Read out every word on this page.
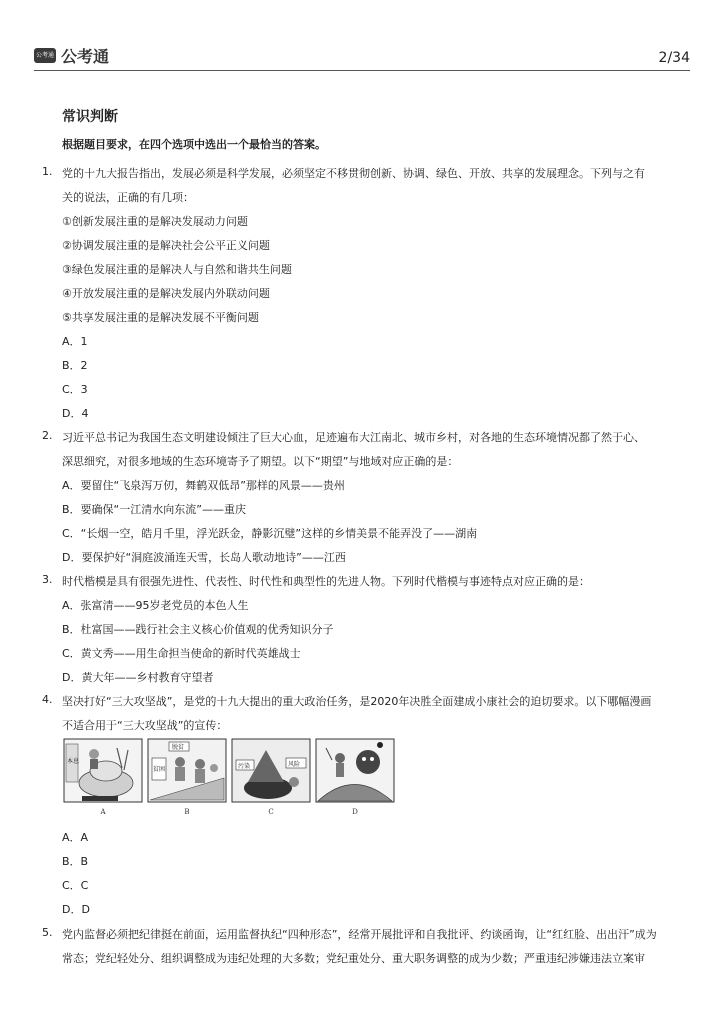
公考通 公考通	2/34
常识判断
根据题目要求，在四个选项中选出一个最恰当的答案。
1. 党的十九大报告指出，发展必须是科学发展，必须坚定不移贯彻创新、协调、绿色、开放、共享的发展理念。下列与之有
关的说法，正确的有几项：
①创新发展注重的是解决发展动力问题
②协调发展注重的是解决社会公平正义问题
③绿色发展注重的是解决人与自然和谐共生问题
④开放发展注重的是解决发展内外联动问题
⑤共享发展注重的是解决发展不平衡问题
A．1
B．2
C．3
D．4
2. 习近平总书记为我国生态文明建设倾注了巨大心血，足迹遍布大江南北、城市乡村，对各地的生态环境情况都了然于心、
深思细究，对很多地域的生态环境寄予了期望。以下“期望”与地域对应正确的是：
A．要留住“飞泉泻万仞，舞鹤双低昂”那样的风景——贵州
B．要确保“一江清水向东流”——重庆
C．“长烟一空，皓月千里，浮光跃金，静影沉璧”这样的乡情美景不能弄没了——湖南
D．要保护好“洞庭波涌连天雪，长岛人歌动地诗”——江西
3. 时代楷模是具有很强先进性、代表性、时代性和典型性的先进人物。下列时代楷模与事迹特点对应正确的是：
A．张富清——95岁老党员的本色人生
B．杜富国——践行社会主义核心价值观的优秀知识分子
C．黄文秀——用生命担当使命的新时代英雄战士
D．黄大年——乡村教育守望者
4. 坚决打好“三大攻坚战”，是党的十九大提出的重大政治任务，是2020年决胜全面建成小康社会的迫切要求。以下哪幅漫画
不适合用于“三大攻坚战”的宣传：
本息
脱贫
贫困	污染	风险
A	B	C	D
A．A
B．B
C．C
D．D
5. 党内监督必须把纪律挺在前面，运用监督执纪“四种形态”，经常开展批评和自我批评、约谈函询，让“红红脸、出出汗”成为
常态；党纪轻处分、组织调整成为违纪处理的大多数；党纪重处分、重大职务调整的成为少数；严重违纪涉嫌违法立案审
